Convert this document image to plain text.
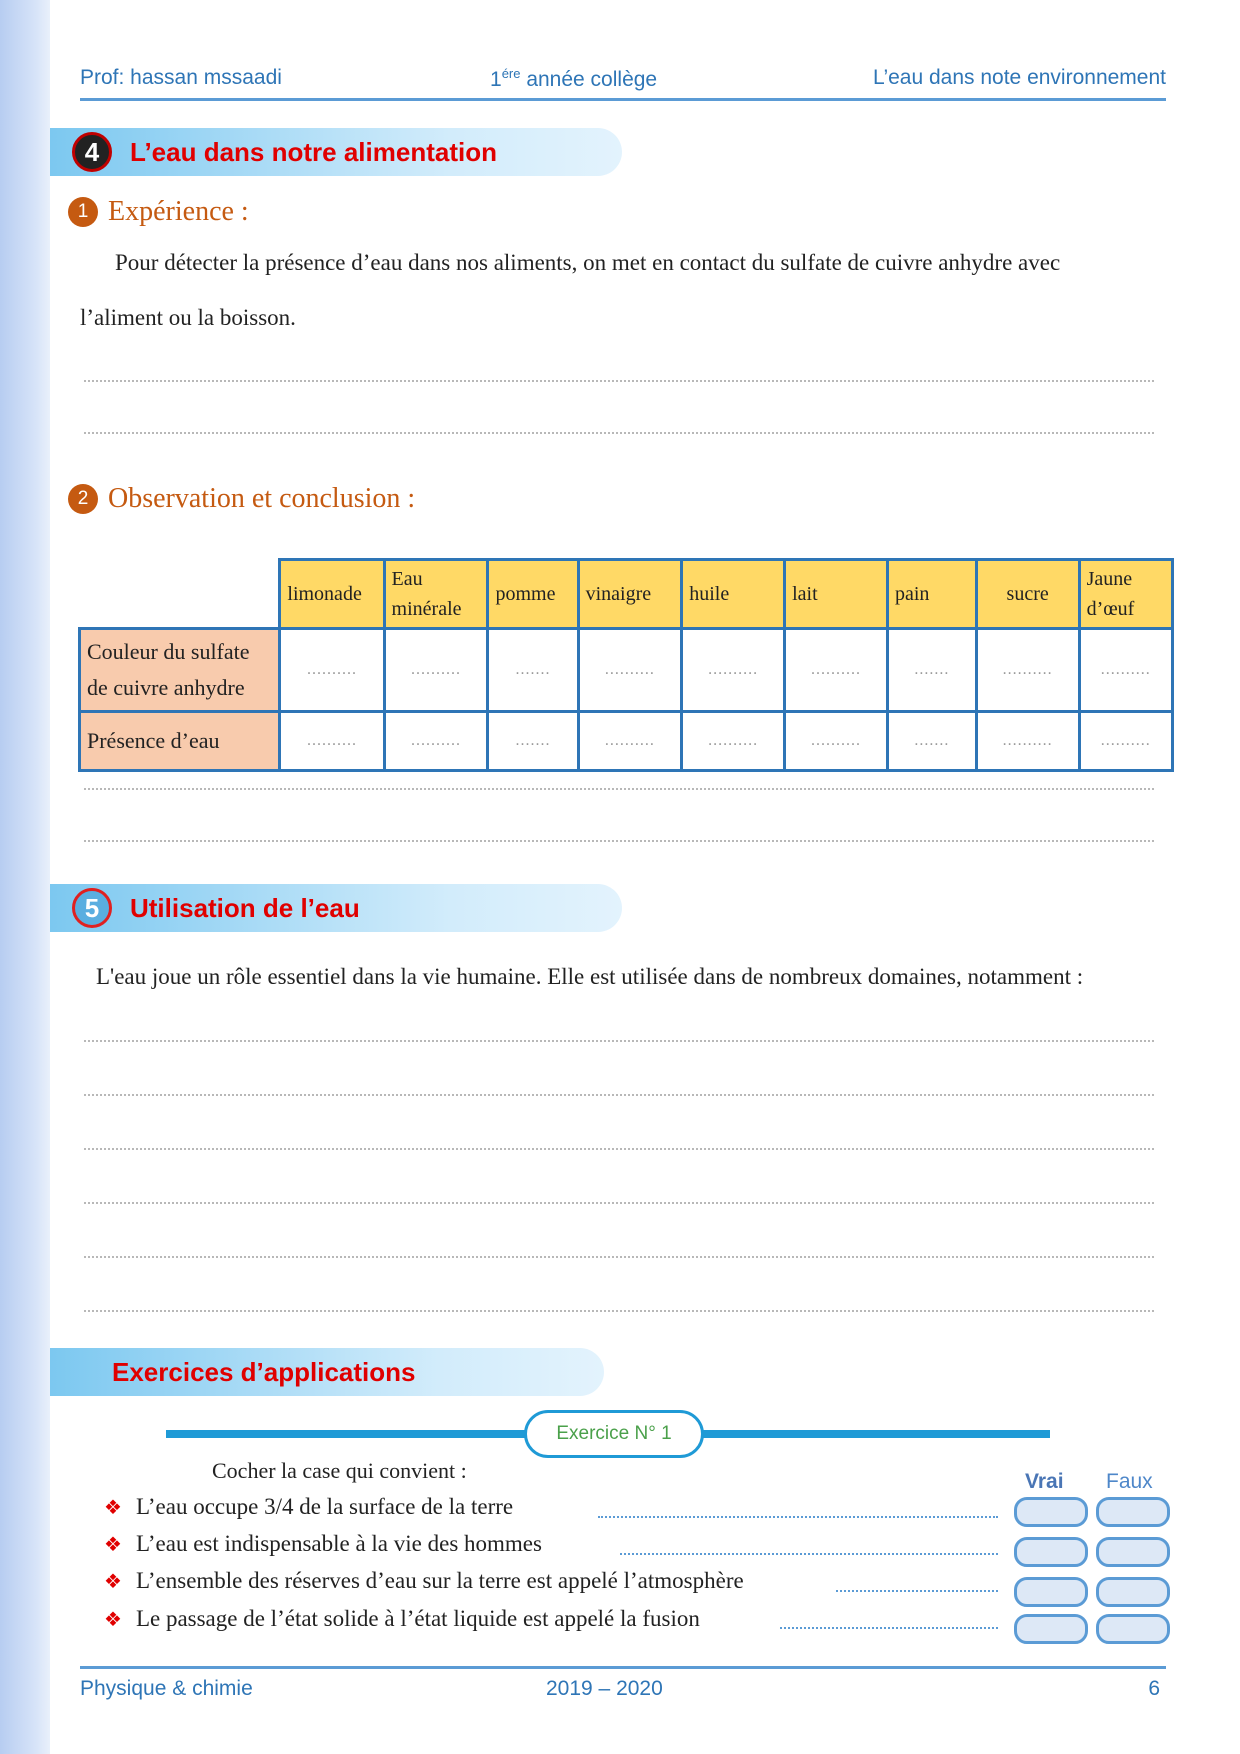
Prof: hassan mssaadi	$1^{ére}$ année collège	L’eau dans note environnement
4	L’eau dans notre alimentation
1 Expérience :
Pour détecter la présence d’eau dans nos aliments, on met en contact du sulfate de cuivre anhydre avec
l’aliment ou la boisson.
2 Observation et conclusion :
	limonade	Eau minérale	pomme	vinaigre	huile	lait	pain	sucre	Jaune d’œuf
Couleur du sulfate de cuivre anhydre	..........	..........	.......	..........	..........	..........	.......	..........	..........
Présence d’eau	..........	..........	.......	..........	..........	..........	.......	..........	..........
5	Utilisation de l’eau
L'eau joue un rôle essentiel dans la vie humaine. Elle est utilisée dans de nombreux domaines, notamment :
Exercices d’applications
Exercice N° 1
Cocher la case qui convient :	Vrai Faux
❖ L’eau occupe 3/4 de la surface de la terre
❖ L’eau est indispensable à la vie des hommes
❖ L’ensemble des réserves d’eau sur la terre est appelé l’atmosphère
❖ Le passage de l’état solide à l’état liquide est appelé la fusion
Physique & chimie	2019 – 2020	6
